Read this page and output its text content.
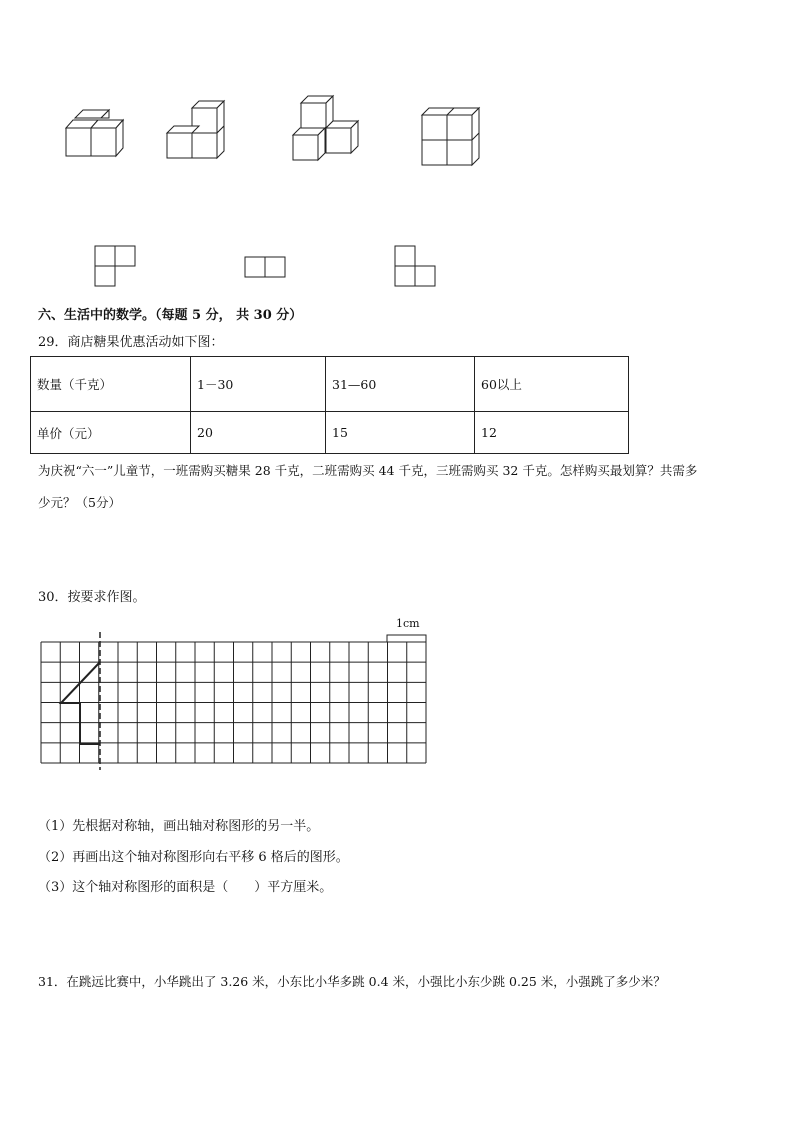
六、生活中的数学。（每题 5 分， 共 30 分）
29．商店糖果优惠活动如下图：
数量（千克）	1－30	31—60	60以上
单价（元）	20	15	12
为庆祝“六一”儿童节，一班需购买糖果 28 千克，二班需购买 44 千克，三班需购买 32 千克。怎样购买最划算？共需多
少元？（5分）
30．按要求作图。
1cm
（1）先根据对称轴，画出轴对称图形的另一半。
（2）再画出这个轴对称图形向右平移 6 格后的图形。
（3）这个轴对称图形的面积是（　　）平方厘米。
31．在跳远比赛中，小华跳出了 3.26 米，小东比小华多跳 0.4 米，小强比小东少跳 0.25 米，小强跳了多少米？
